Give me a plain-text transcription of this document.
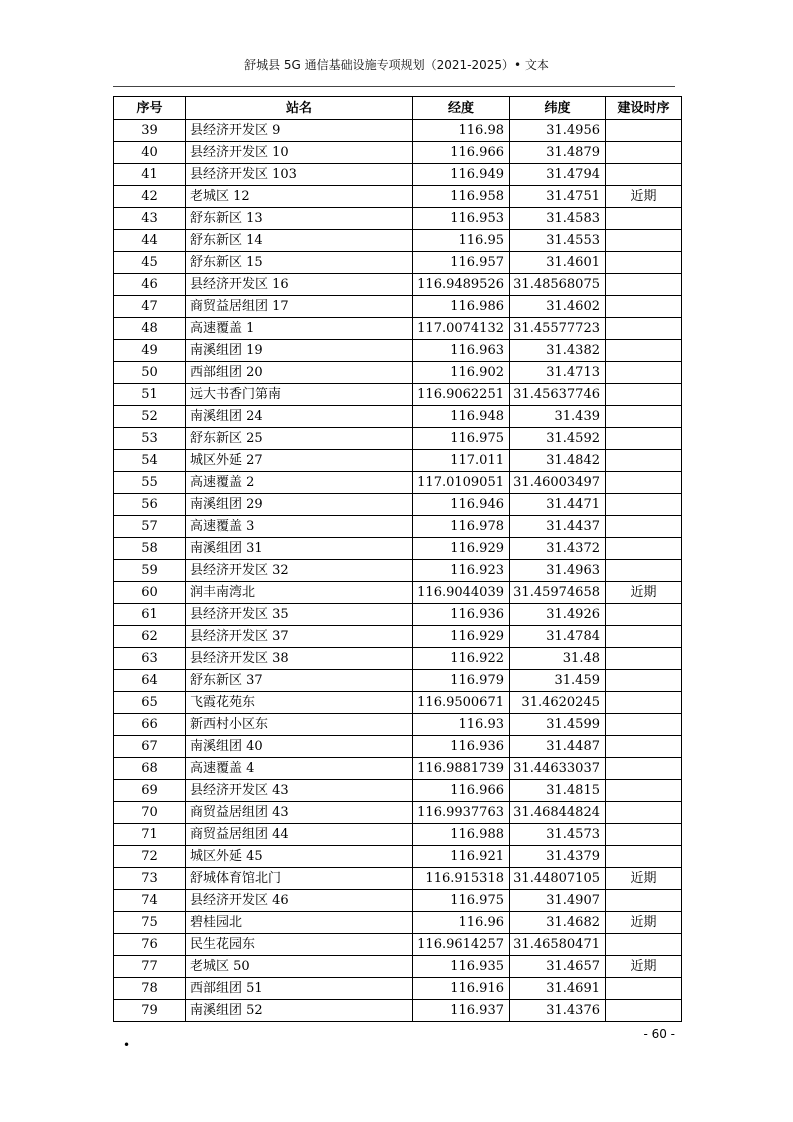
舒城县 5G 通信基础设施专项规划（2021-2025）• 文本
序号	站名	经度	纬度	建设时序
39	县经济开发区 9	116.98	31.4956	
40	县经济开发区 10	116.966	31.4879	
41	县经济开发区 103	116.949	31.4794	
42	老城区 12	116.958	31.4751	近期
43	舒东新区 13	116.953	31.4583	
44	舒东新区 14	116.95	31.4553	
45	舒东新区 15	116.957	31.4601	
46	县经济开发区 16	116.9489526	31.48568075	
47	商贸益居组团 17	116.986	31.4602	
48	高速覆盖 1	117.0074132	31.45577723	
49	南溪组团 19	116.963	31.4382	
50	西部组团 20	116.902	31.4713	
51	远大书香门第南	116.9062251	31.45637746	
52	南溪组团 24	116.948	31.439	
53	舒东新区 25	116.975	31.4592	
54	城区外延 27	117.011	31.4842	
55	高速覆盖 2	117.0109051	31.46003497	
56	南溪组团 29	116.946	31.4471	
57	高速覆盖 3	116.978	31.4437	
58	南溪组团 31	116.929	31.4372	
59	县经济开发区 32	116.923	31.4963	
60	润丰南湾北	116.9044039	31.45974658	近期
61	县经济开发区 35	116.936	31.4926	
62	县经济开发区 37	116.929	31.4784	
63	县经济开发区 38	116.922	31.48	
64	舒东新区 37	116.979	31.459	
65	飞霞花苑东	116.9500671	31.4620245	
66	新西村小区东	116.93	31.4599	
67	南溪组团 40	116.936	31.4487	
68	高速覆盖 4	116.9881739	31.44633037	
69	县经济开发区 43	116.966	31.4815	
70	商贸益居组团 43	116.9937763	31.46844824	
71	商贸益居组团 44	116.988	31.4573	
72	城区外延 45	116.921	31.4379	
73	舒城体育馆北门	116.915318	31.44807105	近期
74	县经济开发区 46	116.975	31.4907	
75	碧桂园北	116.96	31.4682	近期
76	民生花园东	116.9614257	31.46580471	
77	老城区 50	116.935	31.4657	近期
78	西部组团 51	116.916	31.4691	
79	南溪组团 52	116.937	31.4376	
- 60 -
•
